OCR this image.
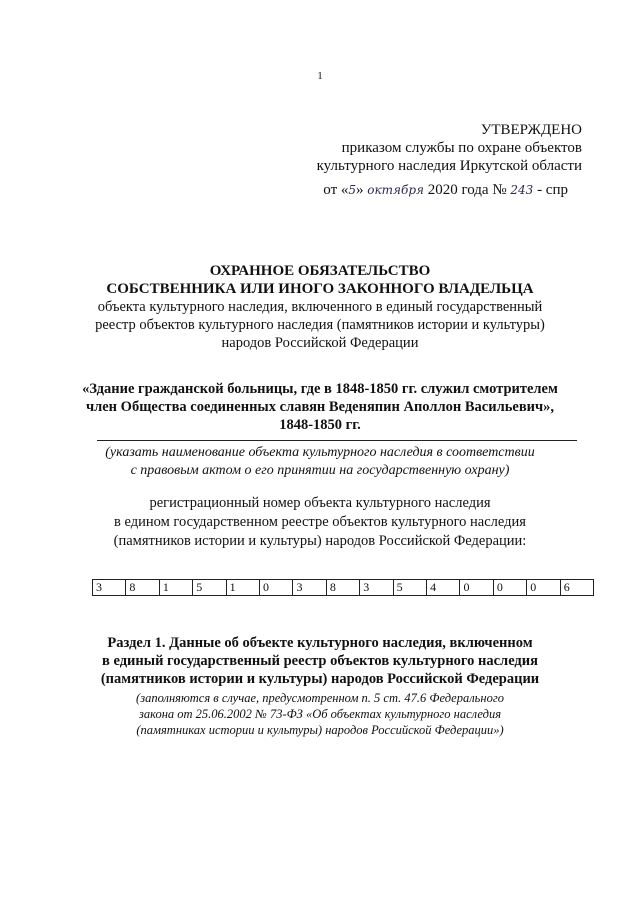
1
УТВЕРЖДЕНО
приказом службы по охране объектов
культурного наследия Иркутской области
от «5» октября 2020 года № 243 - спр
ОХРАННОЕ ОБЯЗАТЕЛЬСТВО
СОБСТВЕННИКА ИЛИ ИНОГО ЗАКОННОГО ВЛАДЕЛЬЦА
объекта культурного наследия, включенного в единый государственный
реестр объектов культурного наследия (памятников истории и культуры)
народов Российской Федерации
«Здание гражданской больницы, где в 1848-1850 гг. служил смотрителем
член Общества соединенных славян Веденяпин Аполлон Васильевич»,
1848-1850 гг.
(указать наименование объекта культурного наследия в соответствии
с правовым актом о его принятии на государственную охрану)
регистрационный номер объекта культурного наследия
в едином государственном реестре объектов культурного наследия
(памятников истории и культуры) народов Российской Федерации:
3	8	1	5	1	0	3	8	3	5	4	0	0	0	6
Раздел 1. Данные об объекте культурного наследия, включенном
в единый государственный реестр объектов культурного наследия
(памятников истории и культуры) народов Российской Федерации
(заполняются в случае, предусмотренном п. 5 ст. 47.6 Федерального
закона от 25.06.2002 № 73-ФЗ «Об объектах культурного наследия
(памятниках истории и культуры) народов Российской Федерации»)
